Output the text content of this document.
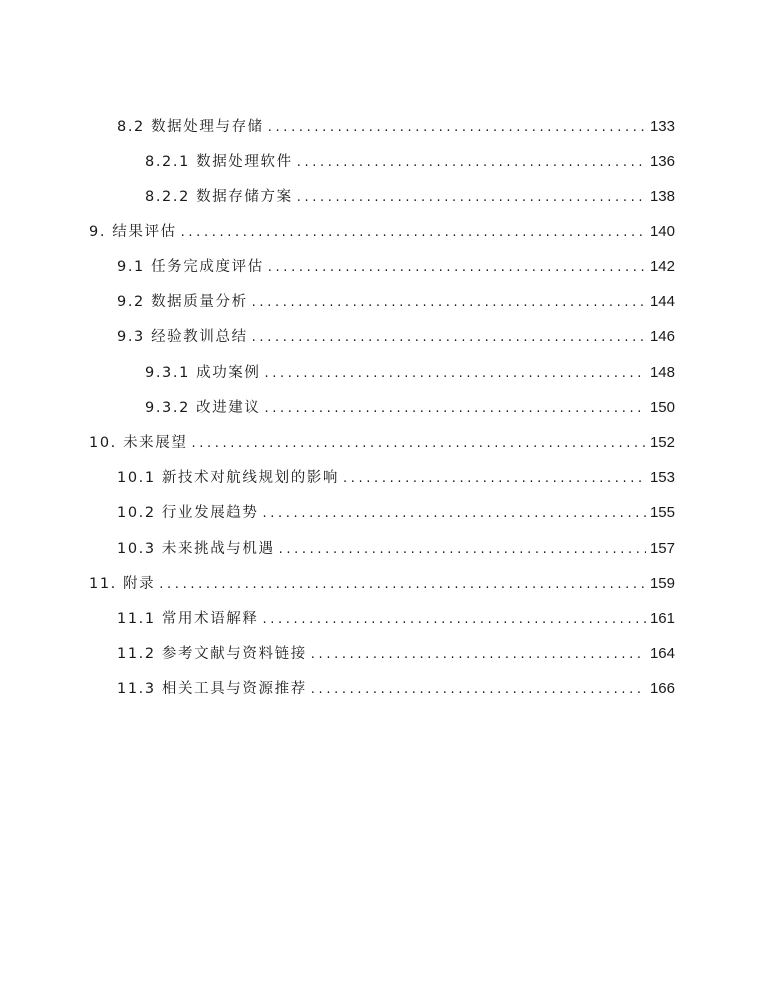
8.2 数据处理与存储 . . .	133
8.2.1 数据处理软件 . . .	136
8.2.2 数据存储方案 . . .	138
9. 结果评估 . . .	140
9.1 任务完成度评估 . . .	142
9.2 数据质量分析 . . .	144
9.3 经验教训总结 . . .	146
9.3.1 成功案例 . . .	148
9.3.2 改进建议 . . .	150
10. 未来展望 . . .	152
10.1 新技术对航线规划的影响 . . .	153
10.2 行业发展趋势 . . .	155
10.3 未来挑战与机遇 . . .	157
11. 附录 . . .	159
11.1 常用术语解释 . . .	161
11.2 参考文献与资料链接 . . .	164
11.3 相关工具与资源推荐 . . .	166
